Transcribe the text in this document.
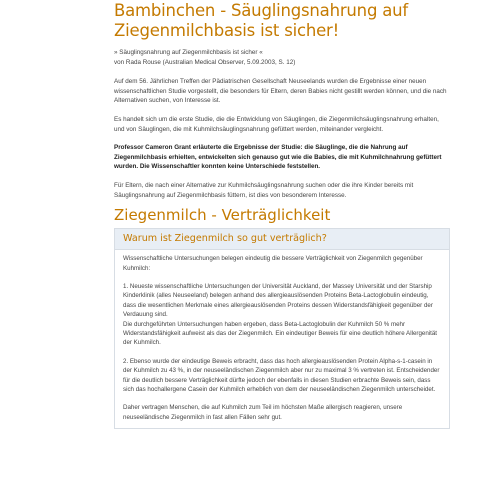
Bambinchen - Säuglingsnahrung auf Ziegenmilchbasis ist sicher!

» Säuglingsnahrung auf Ziegenmilchbasis ist sicher «

von Rada Rouse (Australian Medical Observer, 5.09.2003, S. 12)

Auf dem 56. Jährlichen Treffen der Pädiatrischen Gesellschaft Neuseelands wurden die Ergebnisse einer neuen wissenschaftlichen Studie vorgestellt, die besonders für Eltern, deren Babies nicht gestillt werden können, und die nach Alternativen suchen, von Interesse ist.

Es handelt sich um die erste Studie, die die Entwicklung von Säuglingen, die Ziegenmilchsäuglingsnahrung erhalten, und von Säuglingen, die mit Kuhmilchsäuglingsnahrung gefüttert werden, miteinander vergleicht.

Professor Cameron Grant erläuterte die Ergebnisse der Studie: die Säuglinge, die die Nahrung auf Ziegenmilchbasis erhielten, entwickelten sich genauso gut wie die Babies, die mit Kuhmilchnahrung gefüttert wurden. Die Wissenschaftler konnten keine Unterschiede feststellen.

Für Eltern, die nach einer Alternative zur Kuhmilchsäuglingsnahrung suchen oder die ihre Kinder bereits mit Säuglingsnahrung auf Ziegenmilchbasis füttern, ist dies von besonderem Interesse.

Ziegenmilch - Verträglichkeit
Warum ist Ziegenmilch so gut verträglich?

Wissenschaftliche Untersuchungen belegen eindeutig die bessere Verträglichkeit von Ziegenmilch gegenüber Kuhmilch:

1. Neueste wissenschaftliche Untersuchungen der Universität Auckland, der Massey Universität und der Starship Kinderklinik (alles Neuseeland) belegen anhand des allergieauslösenden Proteins Beta-Lactoglobulin eindeutig, dass die wesentlichen Merkmale eines allergieauslösenden Proteins dessen Widerstandsfähigkeit gegenüber der Verdauung sind.

Die durchgeführten Untersuchungen haben ergeben, dass Beta-Lactoglobulin der Kuhmilch 50 % mehr Widerstandsfähigkeit aufweist als das der Ziegenmilch. Ein eindeutiger Beweis für eine deutlich höhere Allergenität der Kuhmilch.

2. Ebenso wurde der eindeutige Beweis erbracht, dass das hoch allergieauslösenden Protein Alpha-s-1-casein in der Kuhmilch zu 43 %, in der neuseeländischen Ziegenmilch aber nur zu maximal 3 % vertreten ist. Entscheidender für die deutlich bessere Verträglichkeit dürfte jedoch der ebenfalls in diesen Studien erbrachte Beweis sein, dass sich das hochallergene Casein der Kuhmilch erheblich von dem der neuseeländischen Ziegenmilch unterscheidet.

Daher vertragen Menschen, die auf Kuhmilch zum Teil im höchsten Maße allergisch reagieren, unsere neuseeländische Ziegenmilch in fast allen Fällen sehr gut.
